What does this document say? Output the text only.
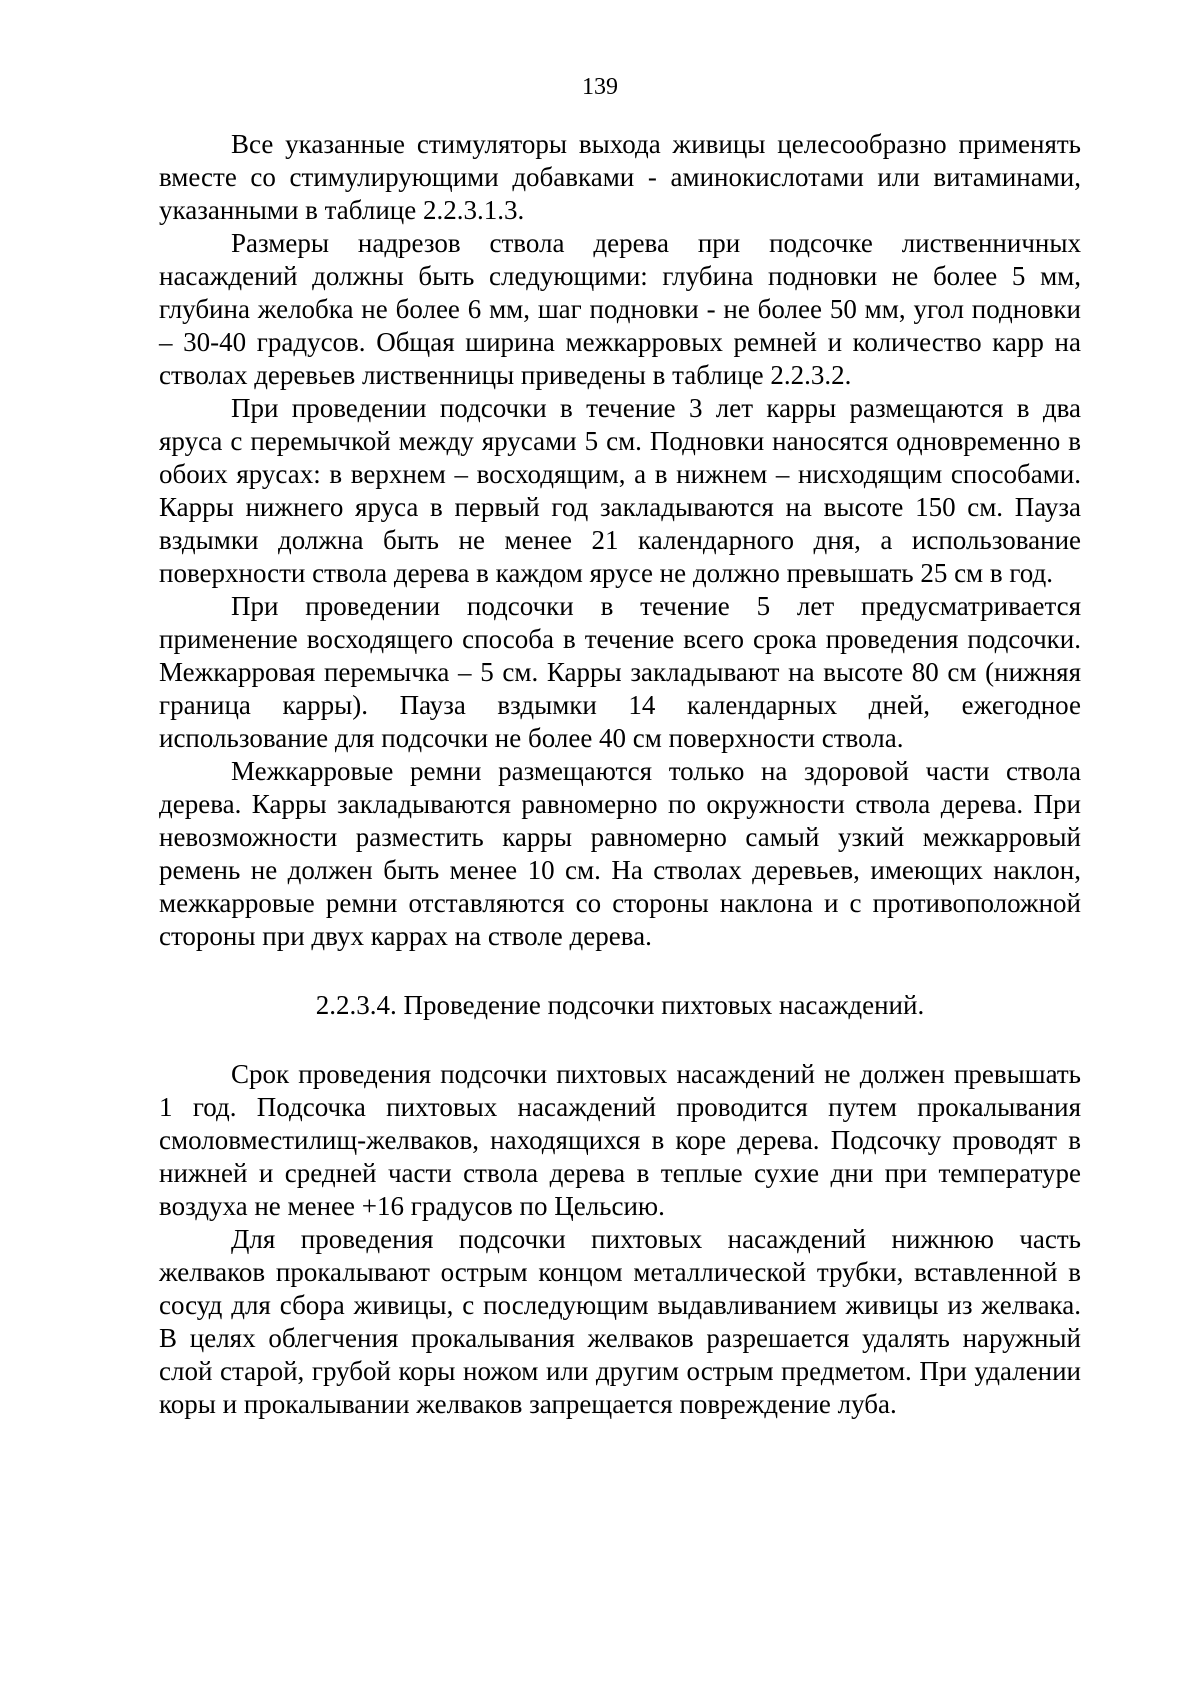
139

Все указанные стимуляторы выхода живицы целесообразно применять вместе со стимулирующими добавками - аминокислотами или витаминами, указанными в таблице 2.2.3.1.3.

Размеры надрезов ствола дерева при подсочке лиственничных насаждений должны быть следующими: глубина подновки не более 5 мм, глубина желобка не более 6 мм, шаг подновки - не более 50 мм, угол подновки – 30-40 градусов. Общая ширина межкарровых ремней и количество карр на стволах деревьев лиственницы приведены в таблице 2.2.3.2.

При проведении подсочки в течение 3 лет карры размещаются в два яруса с перемычкой между ярусами 5 см. Подновки наносятся одновременно в обоих ярусах: в верхнем – восходящим, а в нижнем – нисходящим способами. Карры нижнего яруса в первый год закладываются на высоте 150 см. Пауза вздымки должна быть не менее 21 календарного дня, а использование поверхности ствола дерева в каждом ярусе не должно превышать 25 см в год.

При проведении подсочки в течение 5 лет предусматривается применение восходящего способа в течение всего срока проведения подсочки. Межкарровая перемычка – 5 см. Карры закладывают на высоте 80 см (нижняя граница карры). Пауза вздымки 14 календарных дней, ежегодное использование для подсочки не более 40 см поверхности ствола.

Межкарровые ремни размещаются только на здоровой части ствола дерева. Карры закладываются равномерно по окружности ствола дерева. При невозможности разместить карры равномерно самый узкий межкарровый ремень не должен быть менее 10 см. На стволах деревьев, имеющих наклон, межкарровые ремни отставляются со стороны наклона и с противоположной стороны при двух каррах на стволе дерева.

2.2.3.4. Проведение подсочки пихтовых насаждений.

Срок проведения подсочки пихтовых насаждений не должен превышать 1 год. Подсочка пихтовых насаждений проводится путем прокалывания смоловместилищ-желваков, находящихся в коре дерева. Подсочку проводят в нижней и средней части ствола дерева в теплые сухие дни при температуре воздуха не менее +16 градусов по Цельсию.

Для проведения подсочки пихтовых насаждений нижнюю часть желваков прокалывают острым концом металлической трубки, вставленной в сосуд для сбора живицы, с последующим выдавливанием живицы из желвака. В целях облегчения прокалывания желваков разрешается удалять наружный слой старой, грубой коры ножом или другим острым предметом. При удалении коры и прокалывании желваков запрещается повреждение луба.
